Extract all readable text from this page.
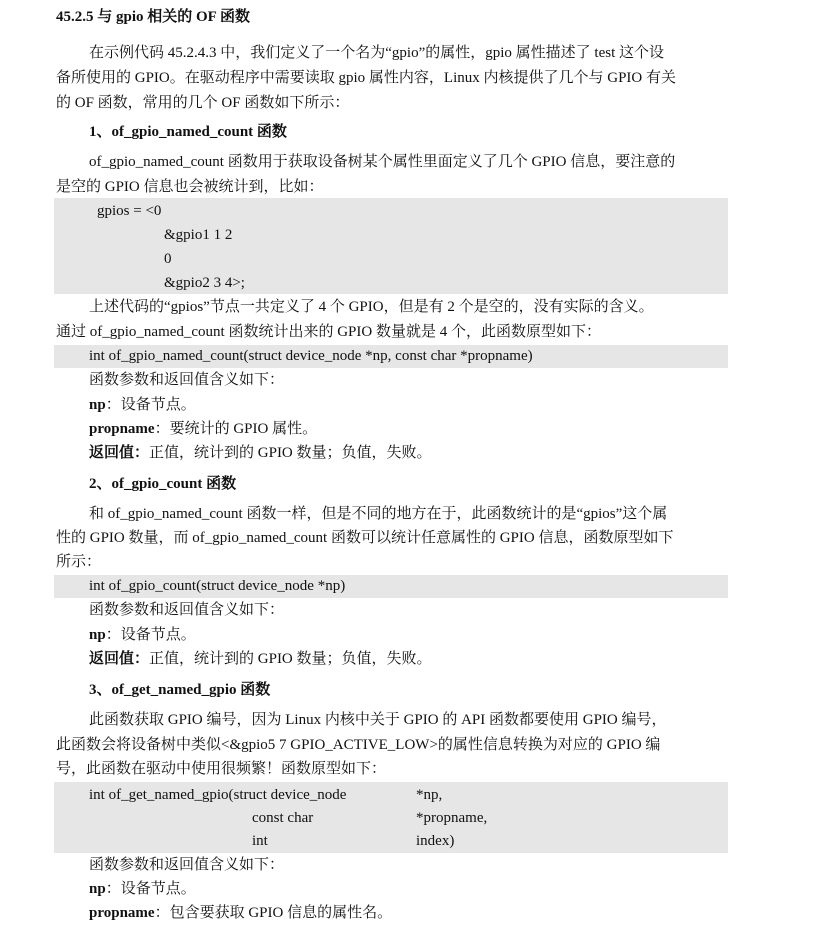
45.2.5 与 gpio 相关的 OF 函数
在示例代码 45.2.4.3 中，我们定义了一个名为“gpio”的属性，gpio 属性描述了 test 这个设
备所使用的 GPIO。在驱动程序中需要读取 gpio 属性内容，Linux 内核提供了几个与 GPIO 有关
的 OF 函数，常用的几个 OF 函数如下所示：
1、of_gpio_named_count 函数
of_gpio_named_count 函数用于获取设备树某个属性里面定义了几个 GPIO 信息，要注意的
是空的 GPIO 信息也会被统计到，比如：
gpios = <0
&gpio1 1 2
0
&gpio2 3 4>;
上述代码的“gpios”节点一共定义了 4 个 GPIO，但是有 2 个是空的，没有实际的含义。
通过 of_gpio_named_count 函数统计出来的 GPIO 数量就是 4 个，此函数原型如下：
int of_gpio_named_count(struct device_node *np, const char *propname)
函数参数和返回值含义如下：
np：设备节点。
propname：要统计的 GPIO 属性。
返回值：正值，统计到的 GPIO 数量；负值，失败。
2、of_gpio_count 函数
和 of_gpio_named_count 函数一样，但是不同的地方在于，此函数统计的是“gpios”这个属
性的 GPIO 数量，而 of_gpio_named_count 函数可以统计任意属性的 GPIO 信息，函数原型如下
所示：
int of_gpio_count(struct device_node *np)
函数参数和返回值含义如下：
np：设备节点。
返回值：正值，统计到的 GPIO 数量；负值，失败。
3、of_get_named_gpio 函数
此函数获取 GPIO 编号，因为 Linux 内核中关于 GPIO 的 API 函数都要使用 GPIO 编号，
此函数会将设备树中类似<&gpio5 7 GPIO_ACTIVE_LOW>的属性信息转换为对应的 GPIO 编
号，此函数在驱动中使用很频繁！函数原型如下：
int of_get_named_gpio(struct device_node	*np,
const char	*propname,
int	index)
函数参数和返回值含义如下：
np：设备节点。
propname：包含要获取 GPIO 信息的属性名。
